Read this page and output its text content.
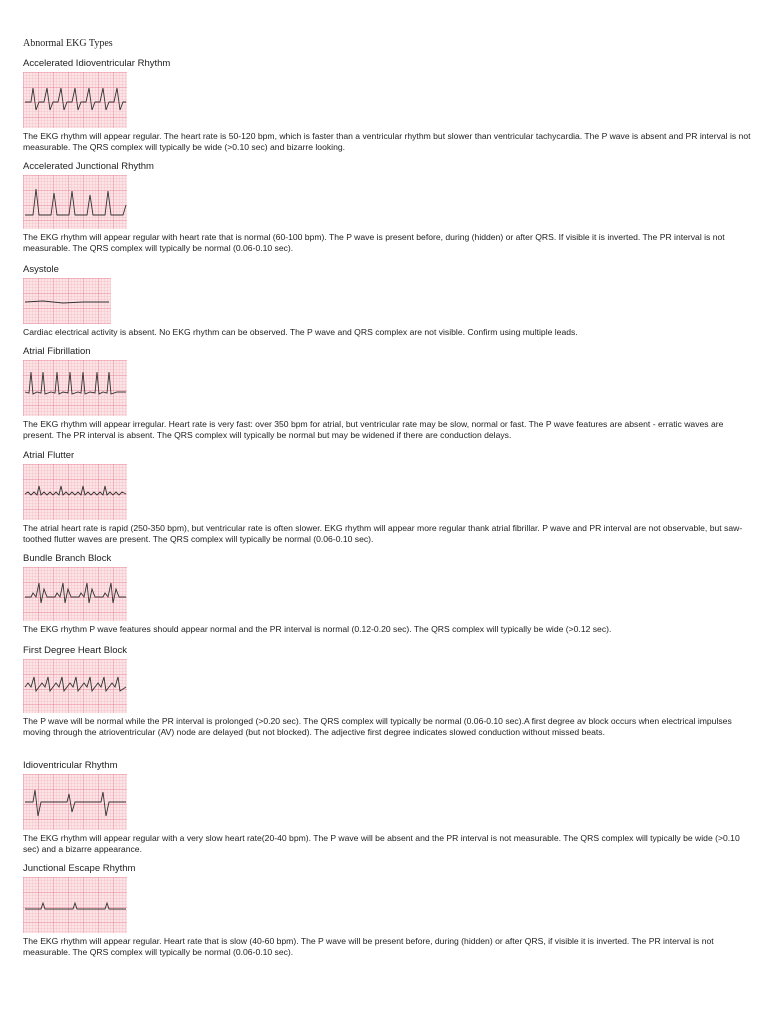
Abnormal EKG Types
Accelerated Idioventricular Rhythm
The EKG rhythm will appear regular. The heart rate is 50-120 bpm, which is faster than a ventricular rhythm but slower than ventricular tachycardia. The P wave is absent and PR interval is not measurable. The QRS complex will typically be wide (>0.10 sec) and bizarre looking.
Accelerated Junctional Rhythm
The EKG rhythm will appear regular with heart rate that is normal (60-100 bpm). The P wave is present before, during (hidden) or after QRS. If visible it is inverted. The PR interval is not measurable. The QRS complex will typically be normal (0.06-0.10 sec).
Asystole
Cardiac electrical activity is absent. No EKG rhythm can be observed. The P wave and QRS complex are not visible. Confirm using multiple leads.
Atrial Fibrillation
The EKG rhythm will appear irregular. Heart rate is very fast: over 350 bpm for atrial, but ventricular rate may be slow, normal or fast. The P wave features are absent - erratic waves are present. The PR interval is absent. The QRS complex will typically be normal but may be widened if there are conduction delays.
Atrial Flutter
The atrial heart rate is rapid (250-350 bpm), but ventricular rate is often slower. EKG rhythm will appear more regular thank atrial fibrillar. P wave and PR interval are not observable, but saw-toothed flutter waves are present. The QRS complex will typically be normal (0.06-0.10 sec).
Bundle Branch Block
The EKG rhythm P wave features should appear normal and the PR interval is normal (0.12-0.20 sec). The QRS complex will typically be wide (>0.12 sec).
First Degree Heart Block
The P wave will be normal while the PR interval is prolonged (>0.20 sec). The QRS complex will typically be normal (0.06-0.10 sec).A first degree av block occurs when electrical impulses moving through the atrioventricular (AV) node are delayed (but not blocked). The adjective first degree indicates slowed conduction without missed beats.
Idioventricular Rhythm
The EKG rhythm will appear regular with a very slow heart rate(20-40 bpm). The P wave will be absent and the PR interval is not measurable. The QRS complex will typically be wide (>0.10 sec) and a bizarre appearance.
Junctional Escape Rhythm
The EKG rhythm will appear regular. Heart rate that is slow (40-60 bpm). The P wave will be present before, during (hidden) or after QRS, if visible it is inverted. The PR interval is not measurable. The QRS complex will typically be normal (0.06-0.10 sec).
